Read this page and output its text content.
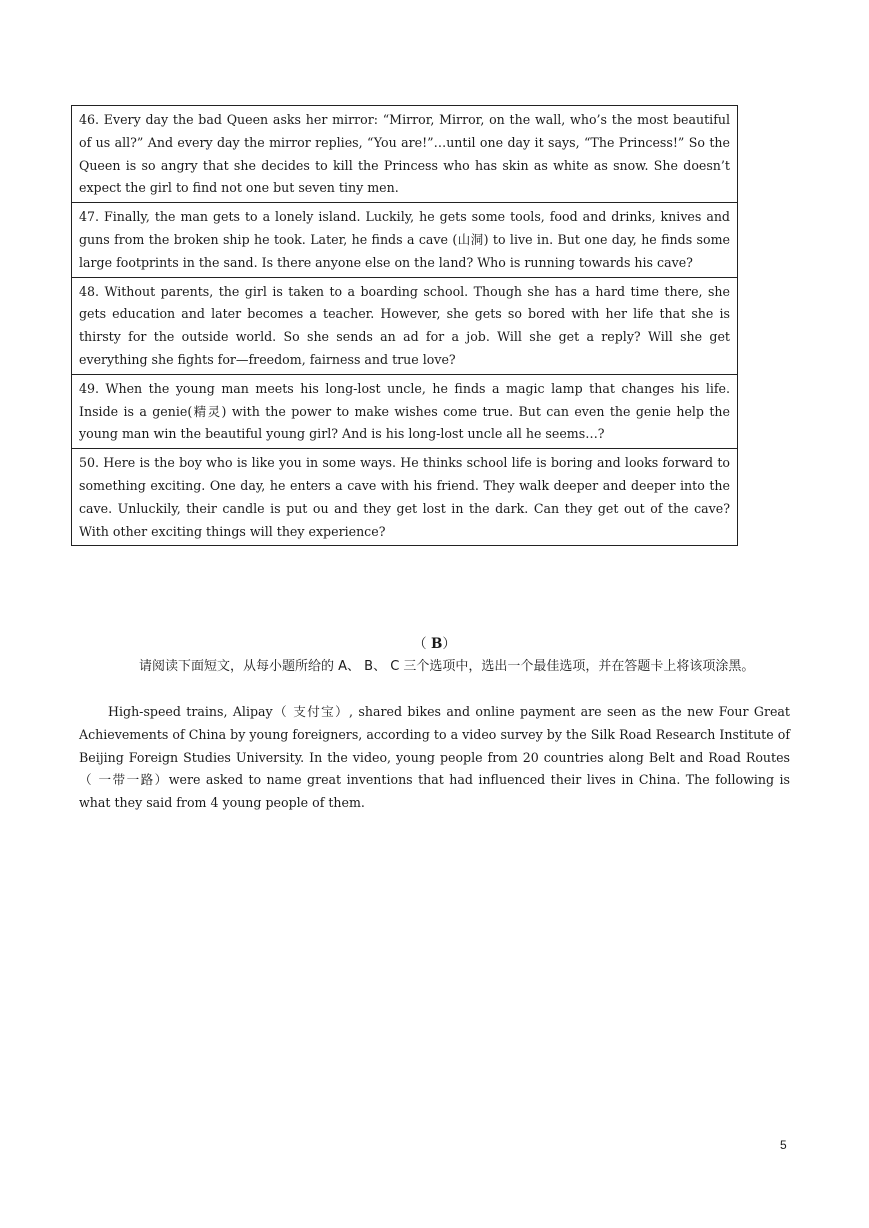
46. Every day the bad Queen asks her mirror: “Mirror, Mirror, on the wall, who’s the most beautiful of us all?” And every day the mirror replies, “You are!”…until one day it says, “The Princess!” So the Queen is so angry that she decides to kill the Princess who has skin as white as snow. She doesn’t expect the girl to find not one but seven tiny men.
47. Finally, the man gets to a lonely island. Luckily, he gets some tools, food and drinks, knives and guns from the broken ship he took. Later, he finds a cave (山洞) to live in. But one day, he finds some large footprints in the sand. Is there anyone else on the land? Who is running towards his cave?
48. Without parents, the girl is taken to a boarding school. Though she has a hard time there, she gets education and later becomes a teacher. However, she gets so bored with her life that she is thirsty for the outside world. So she sends an ad for a job. Will she get a reply? Will she get everything she fights for—freedom, fairness and true love?
49. When the young man meets his long-lost uncle, he finds a magic lamp that changes his life. Inside is a genie(精灵) with the power to make wishes come true. But can even the genie help the young man win the beautiful young girl? And is his long-lost uncle all he seems…?
50. Here is the boy who is like you in some ways. He thinks school life is boring and looks forward to something exciting. One day, he enters a cave with his friend. They walk deeper and deeper into the cave. Unluckily, their candle is put ou and they get lost in the dark. Can they get out of the cave? With other exciting things will they experience?
（ B）
请阅读下面短文，从每小题所给的 A、 B、 C 三个选项中，选出一个最佳选项，并在答题卡上将该项涂黑。
High-speed trains, Alipay（ 支付宝）, shared bikes and online payment are seen as the new Four Great Achievements of China by young foreigners, according to a video survey by the Silk Road Research Institute of Beijing Foreign Studies University. In the video, young people from 20 countries along Belt and Road Routes （ 一带一路）were asked to name great inventions that had influenced their lives in China. The following is what they said from 4 young people of them.
5
